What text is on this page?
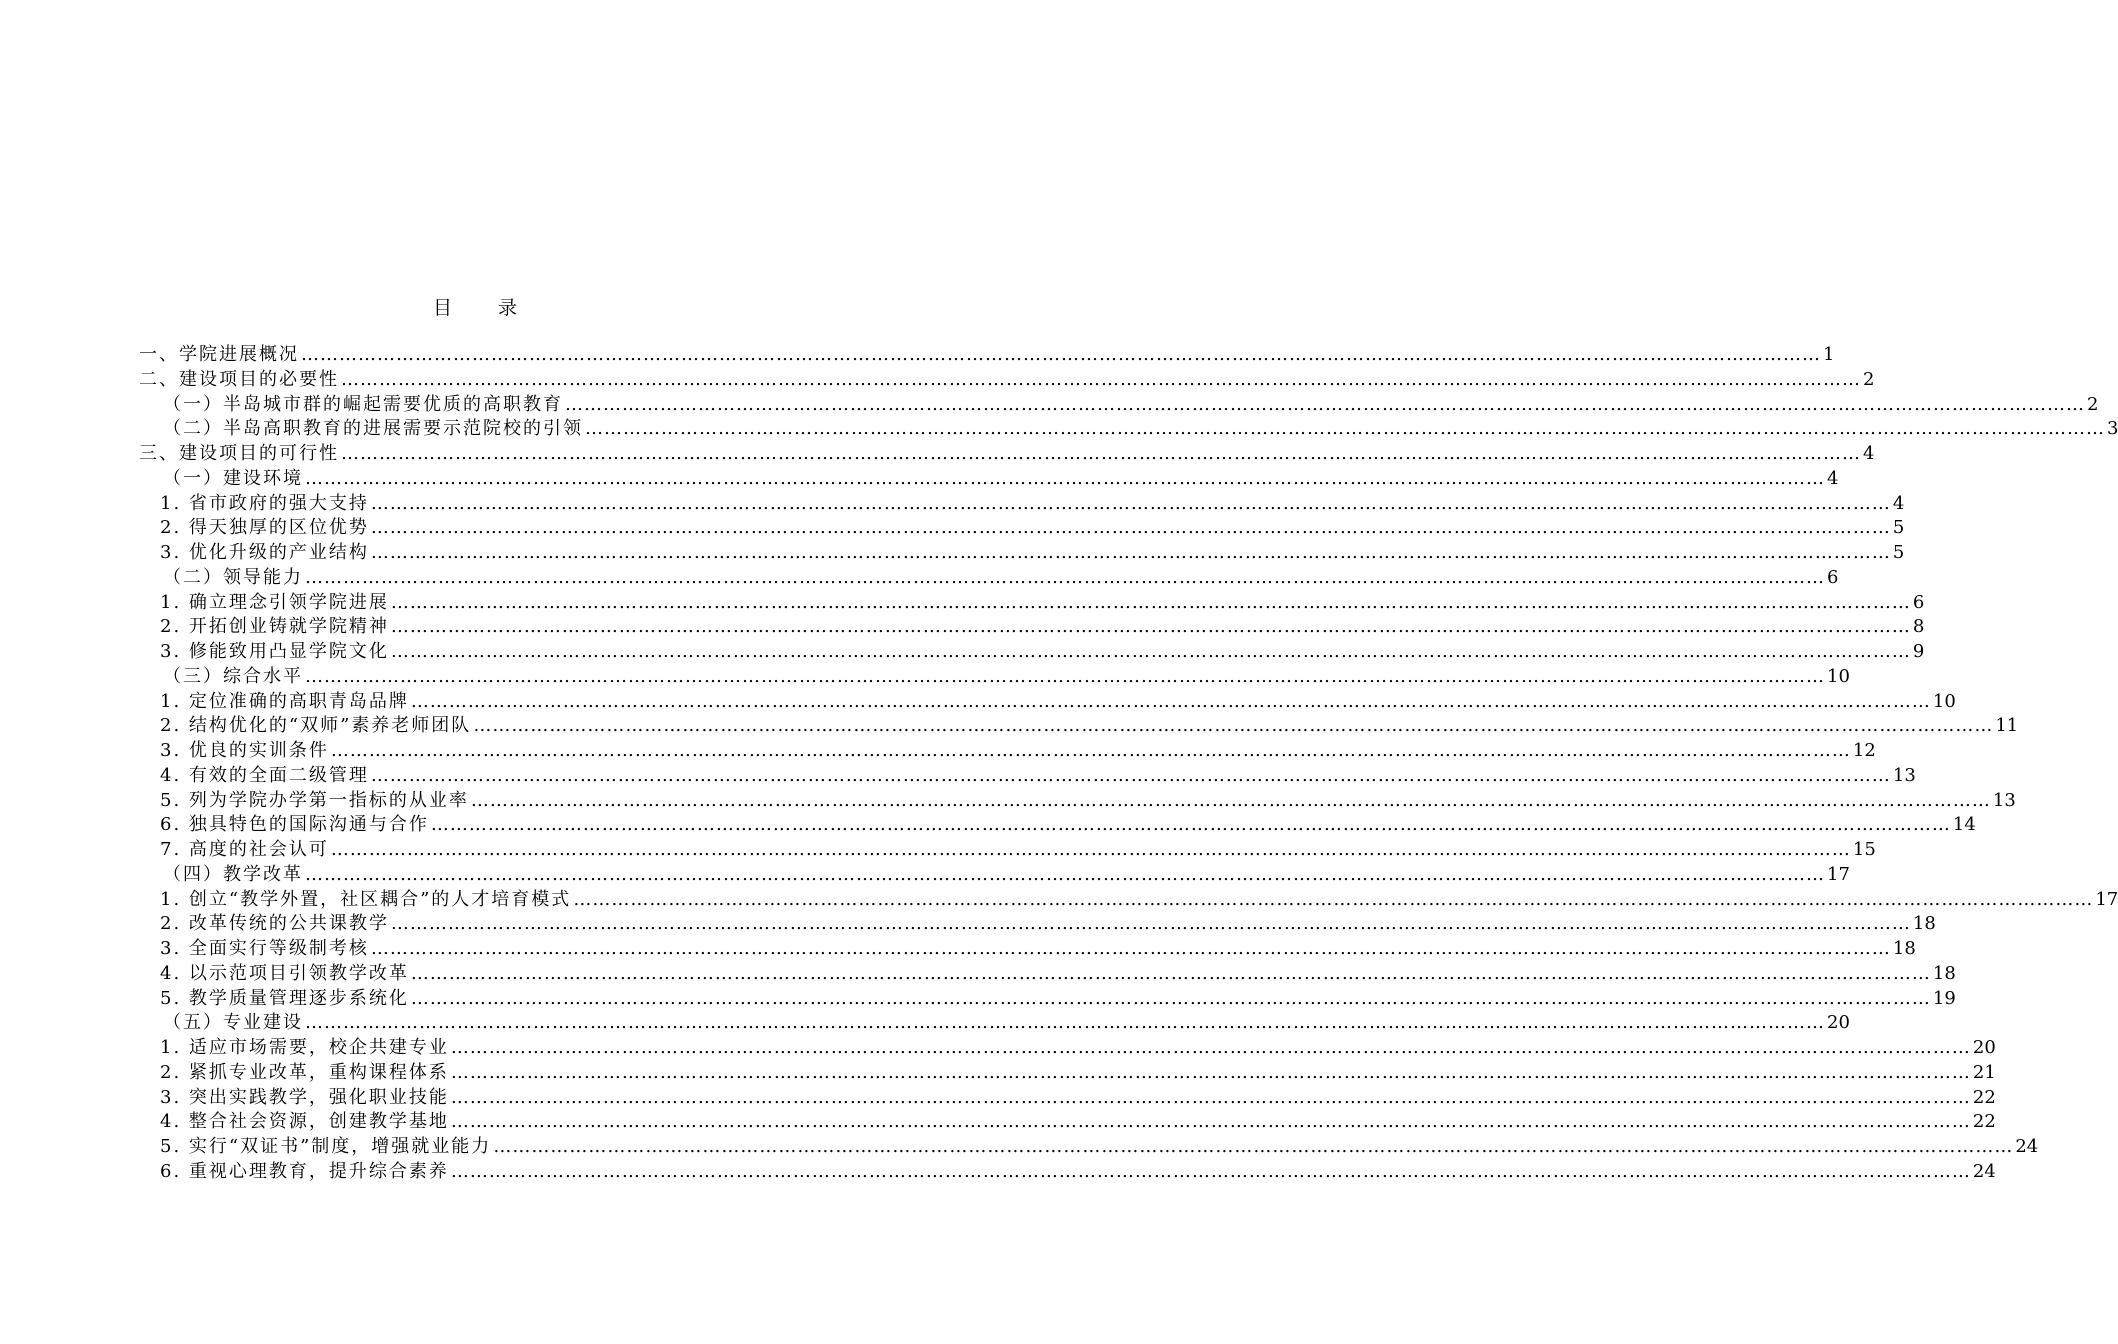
目录
一、学院进展概况 …………………………………………………………………………………………………………………………………………………………………………………………………………………… 1
二、建设项目的必要性 …………………………………………………………………………………………………………………………………………………………………………………………………………………… 2
（一）半岛城市群的崛起需要优质的高职教育 …………………………………………………………………………………………………………………………………………………………………………………………………………………… 2
（二）半岛高职教育的进展需要示范院校的引领 …………………………………………………………………………………………………………………………………………………………………………………………………………………… 3
三、建设项目的可行性 …………………………………………………………………………………………………………………………………………………………………………………………………………………… 4
（一）建设环境 …………………………………………………………………………………………………………………………………………………………………………………………………………………… 4
1. 省市政府的强大支持 …………………………………………………………………………………………………………………………………………………………………………………………………………………… 4
2. 得天独厚的区位优势 …………………………………………………………………………………………………………………………………………………………………………………………………………………… 5
3. 优化升级的产业结构 …………………………………………………………………………………………………………………………………………………………………………………………………………………… 5
（二）领导能力 …………………………………………………………………………………………………………………………………………………………………………………………………………………… 6
1. 确立理念引领学院进展 …………………………………………………………………………………………………………………………………………………………………………………………………………………… 6
2. 开拓创业铸就学院精神 …………………………………………………………………………………………………………………………………………………………………………………………………………………… 8
3. 修能致用凸显学院文化 …………………………………………………………………………………………………………………………………………………………………………………………………………………… 9
（三）综合水平 …………………………………………………………………………………………………………………………………………………………………………………………………………………… 10
1. 定位准确的高职青岛品牌 …………………………………………………………………………………………………………………………………………………………………………………………………………………… 10
2. 结构优化的“双师”素养老师团队 …………………………………………………………………………………………………………………………………………………………………………………………………………………… 11
3. 优良的实训条件 …………………………………………………………………………………………………………………………………………………………………………………………………………………… 12
4. 有效的全面二级管理 …………………………………………………………………………………………………………………………………………………………………………………………………………………… 13
5. 列为学院办学第一指标的从业率 …………………………………………………………………………………………………………………………………………………………………………………………………………………… 13
6. 独具特色的国际沟通与合作 …………………………………………………………………………………………………………………………………………………………………………………………………………………… 14
7. 高度的社会认可 …………………………………………………………………………………………………………………………………………………………………………………………………………………… 15
（四）教学改革 …………………………………………………………………………………………………………………………………………………………………………………………………………………… 17
1. 创立“教学外置，社区耦合”的人才培育模式 …………………………………………………………………………………………………………………………………………………………………………………………………………………… 17
2. 改革传统的公共课教学 …………………………………………………………………………………………………………………………………………………………………………………………………………………… 18
3. 全面实行等级制考核 …………………………………………………………………………………………………………………………………………………………………………………………………………………… 18
4. 以示范项目引领教学改革 …………………………………………………………………………………………………………………………………………………………………………………………………………………… 18
5. 教学质量管理逐步系统化 …………………………………………………………………………………………………………………………………………………………………………………………………………………… 19
（五）专业建设 …………………………………………………………………………………………………………………………………………………………………………………………………………………… 20
1. 适应市场需要，校企共建专业 …………………………………………………………………………………………………………………………………………………………………………………………………………………… 20
2. 紧抓专业改革，重构课程体系 …………………………………………………………………………………………………………………………………………………………………………………………………………………… 21
3. 突出实践教学，强化职业技能 …………………………………………………………………………………………………………………………………………………………………………………………………………………… 22
4. 整合社会资源，创建教学基地 …………………………………………………………………………………………………………………………………………………………………………………………………………………… 22
5. 实行“双证书”制度，增强就业能力 …………………………………………………………………………………………………………………………………………………………………………………………………………………… 24
6. 重视心理教育，提升综合素养 …………………………………………………………………………………………………………………………………………………………………………………………………………………… 24
